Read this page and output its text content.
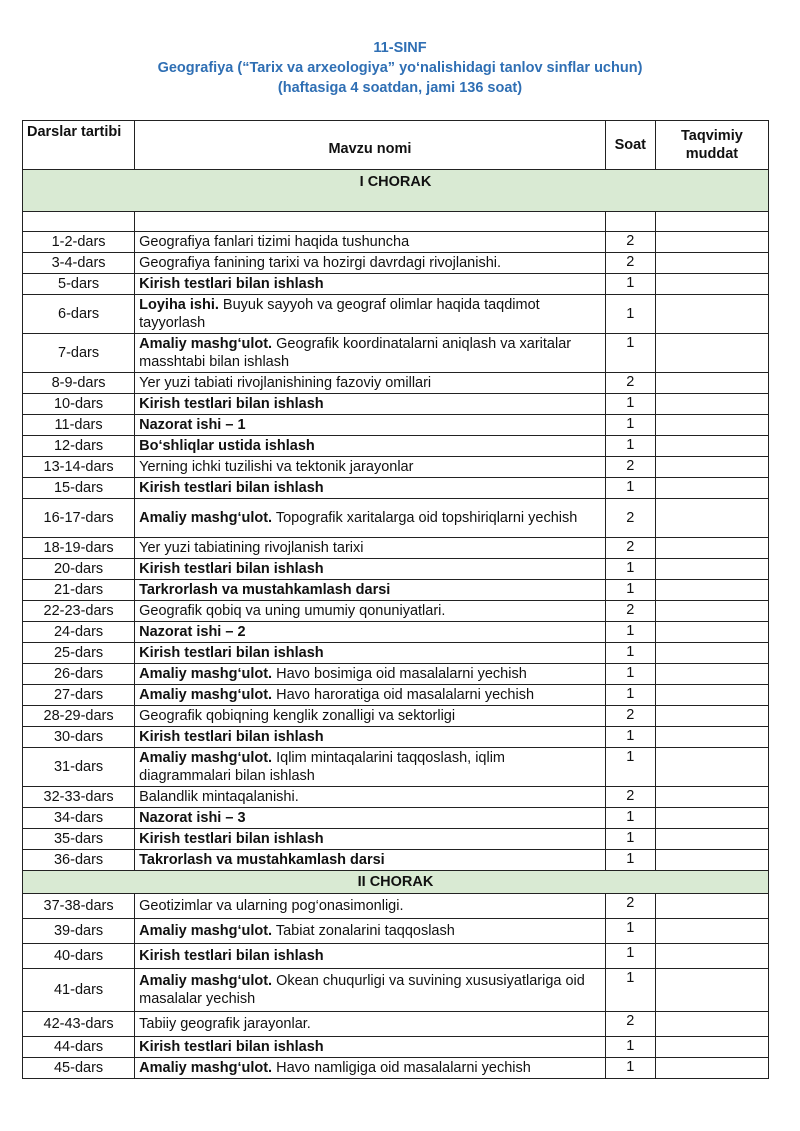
11-SINF
Geografiya (“Tarix va arxeologiya” yo‘nalishidagi tanlov sinflar uchun)
(haftasiga 4 soatdan, jami 136 soat)
Darslar tartibi	Mavzu nomi	Soat	Taqvimiy muddat
I CHORAK			

1-2-dars	Geografiya fanlari tizimi haqida tushuncha	2	
3-4-dars	Geografiya fanining tarixi va hozirgi davrdagi rivojlanishi.	2	
5-dars	Kirish testlari bilan ishlash	1	
6-dars	Loyiha ishi. Buyuk sayyoh va geograf olimlar haqida taqdimot tayyorlash	1	
7-dars	Amaliy mashg‘ulot. Geografik koordinatalarni aniqlash va xaritalar masshtabi bilan ishlash	1	
8-9-dars	Yer yuzi tabiati rivojlanishining fazoviy omillari	2	
10-dars	Kirish testlari bilan ishlash	1	
11-dars	Nazorat ishi – 1	1	
12-dars	Bo‘shliqlar ustida ishlash	1	
13-14-dars	Yerning ichki tuzilishi va tektonik jarayonlar	2	
15-dars	Kirish testlari bilan ishlash	1	
16-17-dars	Amaliy mashg‘ulot. Topografik xaritalarga oid topshiriqlarni yechish	2	
18-19-dars	Yer yuzi tabiatining rivojlanish tarixi	2	
20-dars	Kirish testlari bilan ishlash	1	
21-dars	Tarkrorlash va mustahkamlash darsi	1	
22-23-dars	Geografik qobiq va uning umumiy qonuniyatlari.	2	
24-dars	Nazorat ishi – 2	1	
25-dars	Kirish testlari bilan ishlash	1	
26-dars	Amaliy mashg‘ulot. Havo bosimiga oid masalalarni yechish	1	
27-dars	Amaliy mashg‘ulot. Havo haroratiga oid masalalarni yechish	1	
28-29-dars	Geografik qobiqning kenglik zonalligi va sektorligi	2	
30-dars	Kirish testlari bilan ishlash	1	
31-dars	Amaliy mashg‘ulot. Iqlim mintaqalarini taqqoslash, iqlim diagrammalari bilan ishlash	1	
32-33-dars	Balandlik mintaqalanishi.	2	
34-dars	Nazorat ishi – 3	1	
35-dars	Kirish testlari bilan ishlash	1	
36-dars	Takrorlash va mustahkamlash darsi	1	
II CHORAK			
37-38-dars	Geotizimlar va ularning pog‘onasimonligi.	2	
39-dars	Amaliy mashg‘ulot. Tabiat zonalarini taqqoslash	1	
40-dars	Kirish testlari bilan ishlash	1	
41-dars	Amaliy mashg‘ulot. Okean chuqurligi va suvining xususiyatlariga oid masalalar yechish	1	
42-43-dars	Tabiiy geografik jarayonlar.	2	
44-dars	Kirish testlari bilan ishlash	1	
45-dars	Amaliy mashg‘ulot. Havo namligiga oid masalalarni yechish	1	
